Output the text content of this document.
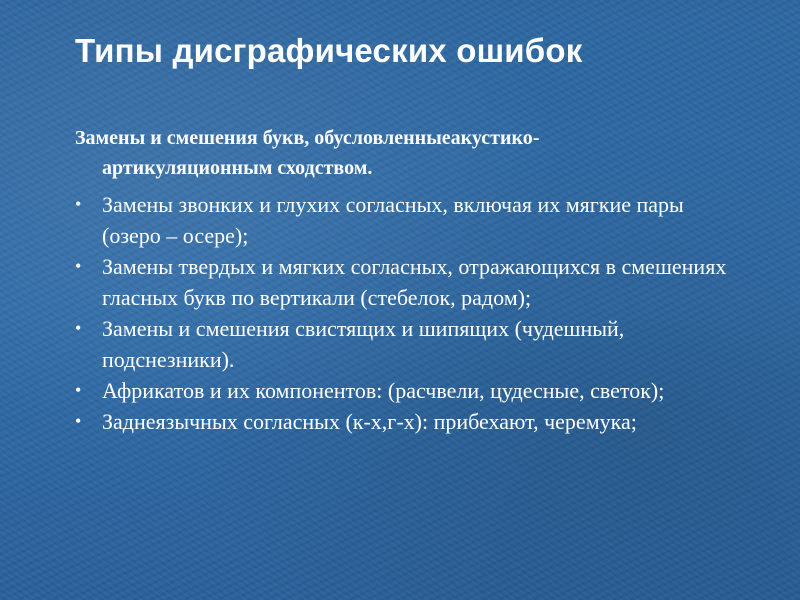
Типы дисграфических ошибок

Замены и смешения букв, обусловленныеакустико-
артикуляционным сходством.

• Замены звонких и глухих согласных, включая их мягкие пары (озеро – осере);
• Замены твердых и мягких согласных, отражающихся в смешениях гласных букв по вертикали (стебелок, радом);
• Замены и смешения свистящих и шипящих (чудешный, подснезники).
• Африкатов и их компонентов: (расчвели, цудесные, светок);
• Заднеязычных согласных (к-х,г-х): прибехают, черемука;
